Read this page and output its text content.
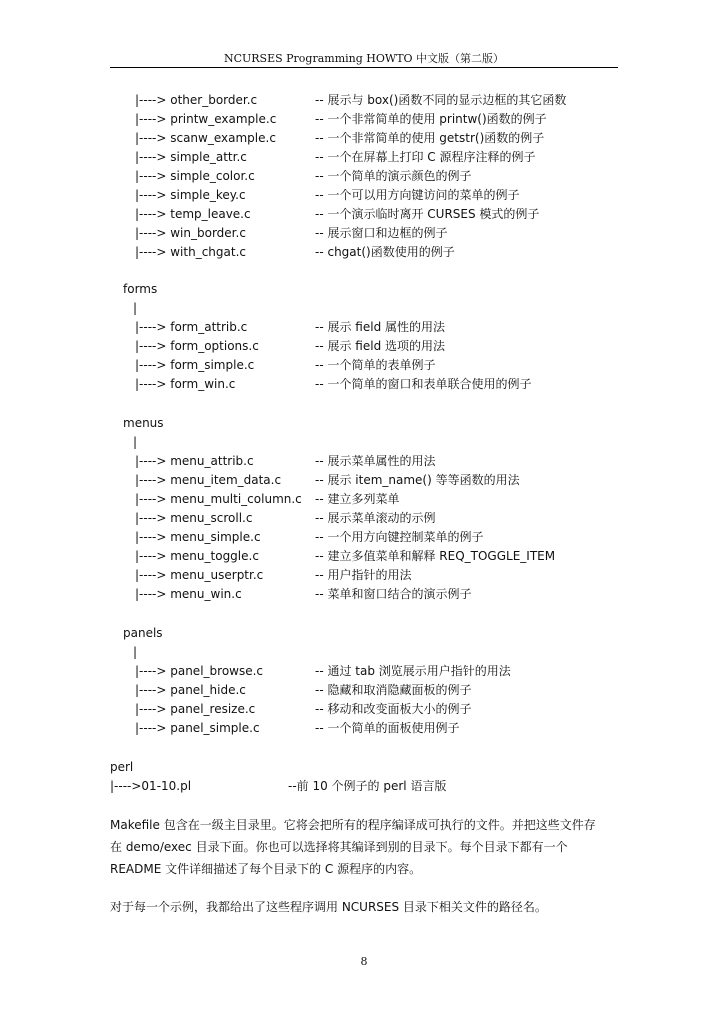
NCURSES Programming HOWTO 中文版（第二版）
|----> other_border.c	-- 展示与 box()函数不同的显示边框的其它函数
|----> printw_example.c	-- 一个非常简单的使用 printw()函数的例子
|----> scanw_example.c	-- 一个非常简单的使用 getstr()函数的例子
|----> simple_attr.c	-- 一个在屏幕上打印 C 源程序注释的例子
|----> simple_color.c	-- 一个简单的演示颜色的例子
|----> simple_key.c	-- 一个可以用方向键访问的菜单的例子
|----> temp_leave.c	-- 一个演示临时离开 CURSES 模式的例子
|----> win_border.c	-- 展示窗口和边框的例子
|----> with_chgat.c	-- chgat()函数使用的例子
forms
|
|----> form_attrib.c	-- 展示 field 属性的用法
|----> form_options.c	-- 展示 field 选项的用法
|----> form_simple.c	-- 一个简单的表单例子
|----> form_win.c	-- 一个简单的窗口和表单联合使用的例子
menus
|
|----> menu_attrib.c	-- 展示菜单属性的用法
|----> menu_item_data.c	-- 展示 item_name() 等等函数的用法
|----> menu_multi_column.c -- 建立多列菜单
|----> menu_scroll.c	-- 展示菜单滚动的示例
|----> menu_simple.c	-- 一个用方向键控制菜单的例子
|----> menu_toggle.c	-- 建立多值菜单和解释 REQ_TOGGLE_ITEM
|----> menu_userptr.c	-- 用户指针的用法
|----> menu_win.c	-- 菜单和窗口结合的演示例子
panels
|
|----> panel_browse.c	-- 通过 tab 浏览展示用户指针的用法
|----> panel_hide.c	-- 隐藏和取消隐藏面板的例子
|----> panel_resize.c	-- 移动和改变面板大小的例子
|----> panel_simple.c	-- 一个简单的面板使用例子
perl
|---->01-10.pl	--前 10 个例子的 perl 语言版
Makefile 包含在一级主目录里。它将会把所有的程序编译成可执行的文件。并把这些文件存
在 demo/exec 目录下面。你也可以选择将其编译到别的目录下。每个目录下都有一个
README 文件详细描述了每个目录下的 C 源程序的内容。
对于每一个示例，我都给出了这些程序调用 NCURSES 目录下相关文件的路径名。
8
